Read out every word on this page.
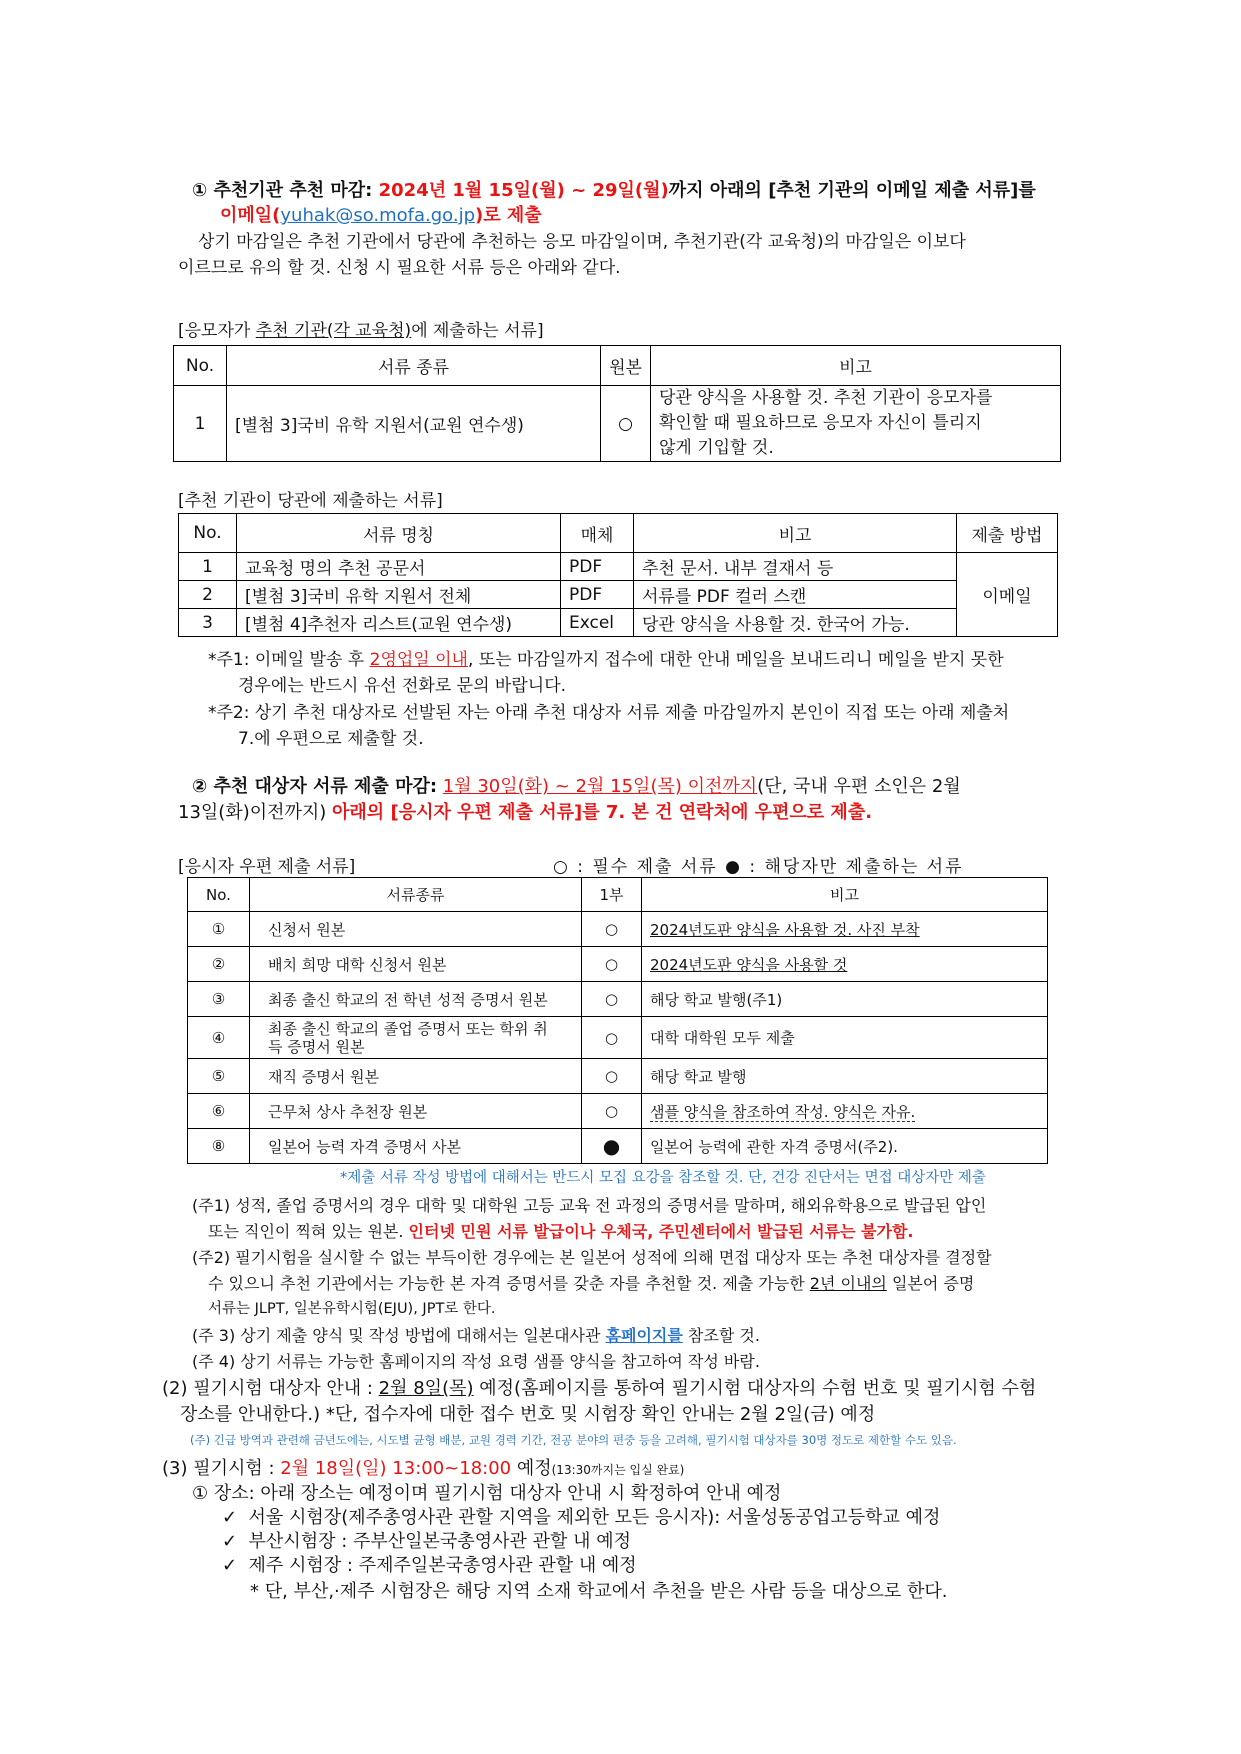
① 추천기관 추천 마감: 2024년 1월 15일(월) ~ 29일(월)까지 아래의 [추천 기관의 이메일 제출 서류]를
이메일(yuhak@so.mofa.go.jp)로 제출
상기 마감일은 추천 기관에서 당관에 추천하는 응모 마감일이며, 추천기관(각 교육청)의 마감일은 이보다
이르므로 유의 할 것. 신청 시 필요한 서류 등은 아래와 같다.
[응모자가 추천 기관(각 교육청)에 제출하는 서류]
No.	서류 종류	원본	비고
1	[별첨 3]국비 유학 지원서(교원 연수생)	○	당관 양식을 사용할 것. 추천 기관이 응모자를
확인할 때 필요하므로 응모자 자신이 틀리지
않게 기입할 것.
[추천 기관이 당관에 제출하는 서류]
No.	서류 명칭	매체	비고	제출 방법
1	교육청 명의 추천 공문서	PDF	추천 문서. 내부 결재서 등	이메일
2	[별첨 3]국비 유학 지원서 전체	PDF	서류를 PDF 컬러 스캔	
3	[별첨 4]추천자 리스트(교원 연수생)	Excel	당관 양식을 사용할 것. 한국어 가능.	
*주1: 이메일 발송 후 2영업일 이내, 또는 마감일까지 접수에 대한 안내 메일을 보내드리니 메일을 받지 못한
경우에는 반드시 유선 전화로 문의 바랍니다.
*주2: 상기 추천 대상자로 선발된 자는 아래 추천 대상자 서류 제출 마감일까지 본인이 직접 또는 아래 제출처
7.에 우편으로 제출할 것.
② 추천 대상자 서류 제출 마감: 1월 30일(화) ~ 2월 15일(목) 이전까지(단, 국내 우편 소인은 2월
13일(화)이전까지) 아래의 [응시자 우편 제출 서류]를 7. 본 건 연락처에 우편으로 제출.
[응시자 우편 제출 서류]	○ : 필수 제출 서류 ● : 해당자만 제출하는 서류
No.	서류종류	1부	비고
①	신청서 원본	○	2024년도판 양식을 사용할 것. 사진 부착
②	배치 희망 대학 신청서 원본	○	2024년도판 양식을 사용할 것
③	최종 출신 학교의 전 학년 성적 증명서 원본	○	해당 학교 발행(주1)
④	최종 출신 학교의 졸업 증명서 또는 학위 취득 증명서 원본	○	대학 대학원 모두 제출
⑤	재직 증명서 원본	○	해당 학교 발행
⑥	근무처 상사 추천장 원본	○	샘플 양식을 참조하여 작성. 양식은 자유.
⑧	일본어 능력 자격 증명서 사본	●	일본어 능력에 관한 자격 증명서(주2).
*제출 서류 작성 방법에 대해서는 반드시 모집 요강을 참조할 것. 단, 건강 진단서는 면접 대상자만 제출
(주1) 성적, 졸업 증명서의 경우 대학 및 대학원 고등 교육 전 과정의 증명서를 말하며, 해외유학용으로 발급된 압인
또는 직인이 찍혀 있는 원본. 인터넷 민원 서류 발급이나 우체국, 주민센터에서 발급된 서류는 불가함.
(주2) 필기시험을 실시할 수 없는 부득이한 경우에는 본 일본어 성적에 의해 면접 대상자 또는 추천 대상자를 결정할
수 있으니 추천 기관에서는 가능한 본 자격 증명서를 갖춘 자를 추천할 것. 제출 가능한 2년 이내의 일본어 증명
서류는 JLPT, 일본유학시험(EJU), JPT로 한다.
(주 3) 상기 제출 양식 및 작성 방법에 대해서는 일본대사관 홈페이지를 참조할 것.
(주 4) 상기 서류는 가능한 홈페이지의 작성 요령 샘플 양식을 참고하여 작성 바람.
(2) 필기시험 대상자 안내 : 2월 8일(목) 예정(홈페이지를 통하여 필기시험 대상자의 수험 번호 및 필기시험 수험
장소를 안내한다.) *단, 접수자에 대한 접수 번호 및 시험장 확인 안내는 2월 2일(금) 예정
(주) 긴급 방역과 관련해 금년도에는, 시도별 균형 배분, 교원 경력 기간, 전공 분야의 편중 등을 고려해, 필기시험 대상자를 30명 정도로 제한할 수도 있음.
(3) 필기시험 : 2월 18일(일) 13:00~18:00 예정(13:30까지는 입실 완료)
① 장소: 아래 장소는 예정이며 필기시험 대상자 안내 시 확정하여 안내 예정
✓ 서울 시험장(제주총영사관 관할 지역을 제외한 모든 응시자): 서울성동공업고등학교 예정
✓ 부산시험장 : 주부산일본국총영사관 관할 내 예정
✓ 제주 시험장 : 주제주일본국총영사관 관할 내 예정
* 단, 부산,·제주 시험장은 해당 지역 소재 학교에서 추천을 받은 사람 등을 대상으로 한다.
